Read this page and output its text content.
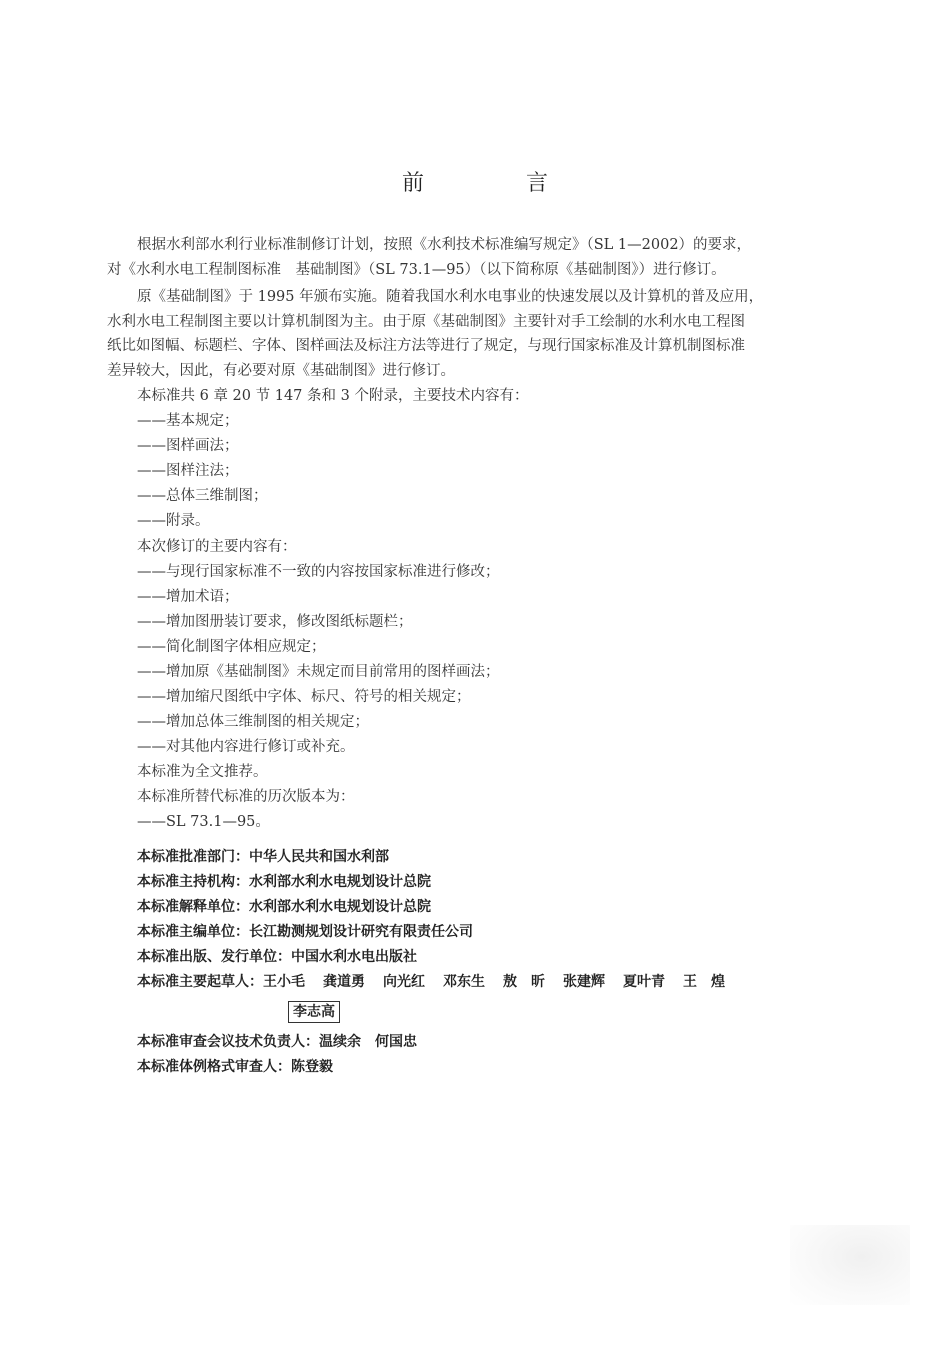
前　言
根据水利部水利行业标准制修订计划，按照《水利技术标准编写规定》（SL 1—2002）的要求，
对《水利水电工程制图标准　基础制图》（SL 73.1—95）（以下简称原《基础制图》）进行修订。
原《基础制图》于 1995 年颁布实施。随着我国水利水电事业的快速发展以及计算机的普及应用，
水利水电工程制图主要以计算机制图为主。由于原《基础制图》主要针对手工绘制的水利水电工程图
纸比如图幅、标题栏、字体、图样画法及标注方法等进行了规定，与现行国家标准及计算机制图标准
差异较大，因此，有必要对原《基础制图》进行修订。
本标准共 6 章 20 节 147 条和 3 个附录，主要技术内容有：
——基本规定；
——图样画法；
——图样注法；
——总体三维制图；
——附录。
本次修订的主要内容有：
——与现行国家标准不一致的内容按国家标准进行修改；
——增加术语；
——增加图册装订要求，修改图纸标题栏；
——简化制图字体相应规定；
——增加原《基础制图》未规定而目前常用的图样画法；
——增加缩尺图纸中字体、标尺、符号的相关规定；
——增加总体三维制图的相关规定；
——对其他内容进行修订或补充。
本标准为全文推荐。
本标准所替代标准的历次版本为：
——SL 73.1—95。
本标准批准部门：中华人民共和国水利部
本标准主持机构：水利部水利水电规划设计总院
本标准解释单位：水利部水利水电规划设计总院
本标准主编单位：长江勘测规划设计研究有限责任公司
本标准出版、发行单位：中国水利水电出版社
本标准主要起草人：王小毛 龚道勇 向光红 邓东生 敖　昕 张建辉 夏叶青 王　煌
李志高
本标准审查会议技术负责人：温续余　何国忠
本标准体例格式审查人：陈登毅
